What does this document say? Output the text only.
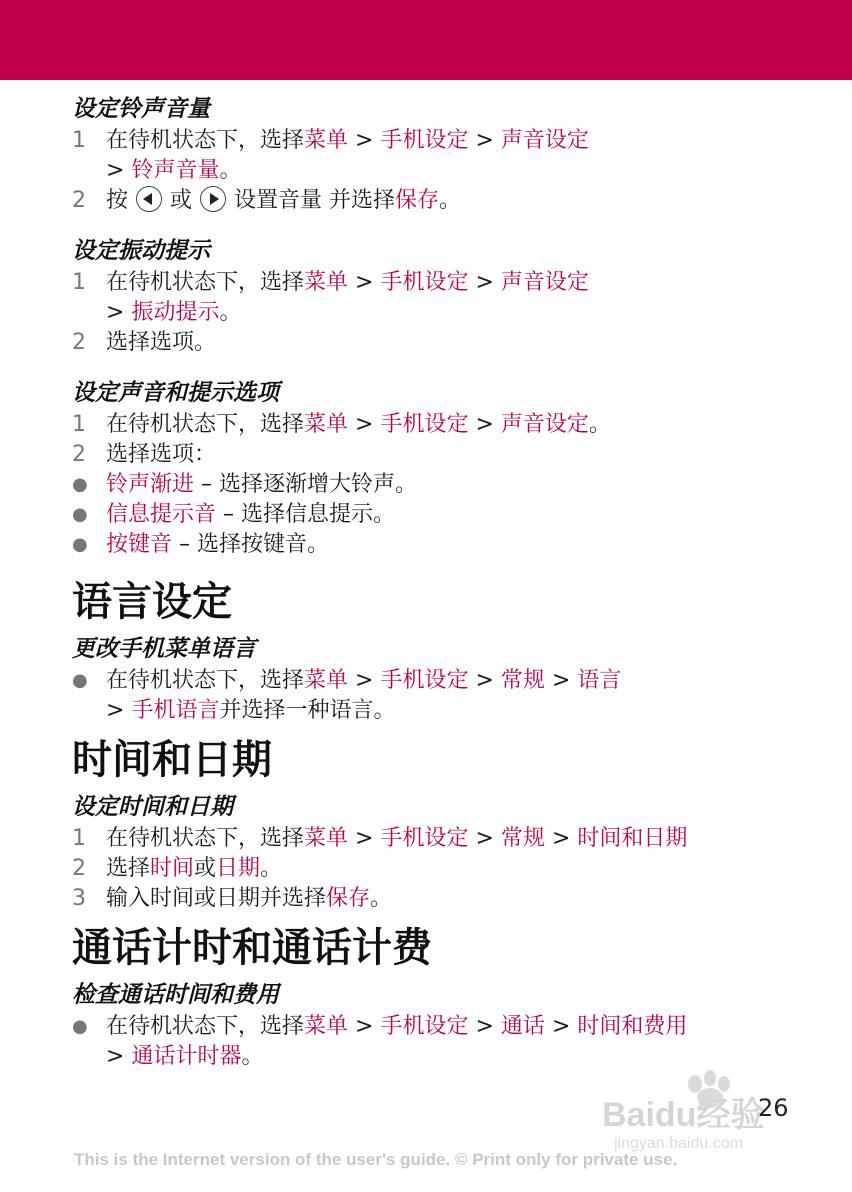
设定铃声音量
1 在待机状态下，选择菜单 > 手机设定 > 声音设定
> 铃声音量。
2 按 或 设置音量 并选择保存。
设定振动提示
1 在待机状态下，选择菜单 > 手机设定 > 声音设定
> 振动提示。
2 选择选项。
设定声音和提示选项
1 在待机状态下，选择菜单 > 手机设定 > 声音设定。
2 选择选项：
● 铃声渐进 – 选择逐渐增大铃声。
● 信息提示音 – 选择信息提示。
● 按键音 – 选择按键音。
语言设定
更改手机菜单语言
● 在待机状态下，选择菜单 > 手机设定 > 常规 > 语言
> 手机语言并选择一种语言。
时间和日期
设定时间和日期
1 在待机状态下，选择菜单 > 手机设定 > 常规 > 时间和日期
2 选择时间或日期。
3 输入时间或日期并选择保存。
通话计时和通话计费
检查通话时间和费用
● 在待机状态下，选择菜单 > 手机设定 > 通话 > 时间和费用
> 通话计时器。
Baidu经验
jingyan.baidu.com
26
This is the Internet version of the user's guide. © Print only for private use.
